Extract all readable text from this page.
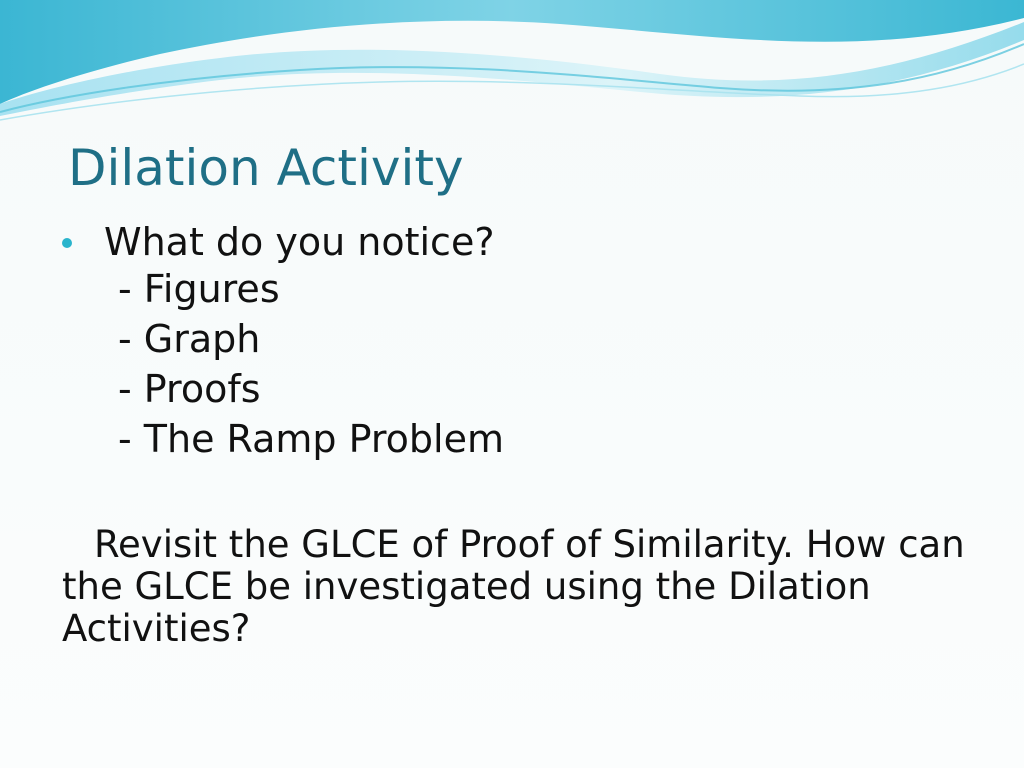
Dilation Activity
What do you notice?
- Figures
- Graph
- Proofs
- The Ramp Problem

Revisit the GLCE of Proof of Similarity. How can the GLCE be investigated using the Dilation Activities?
